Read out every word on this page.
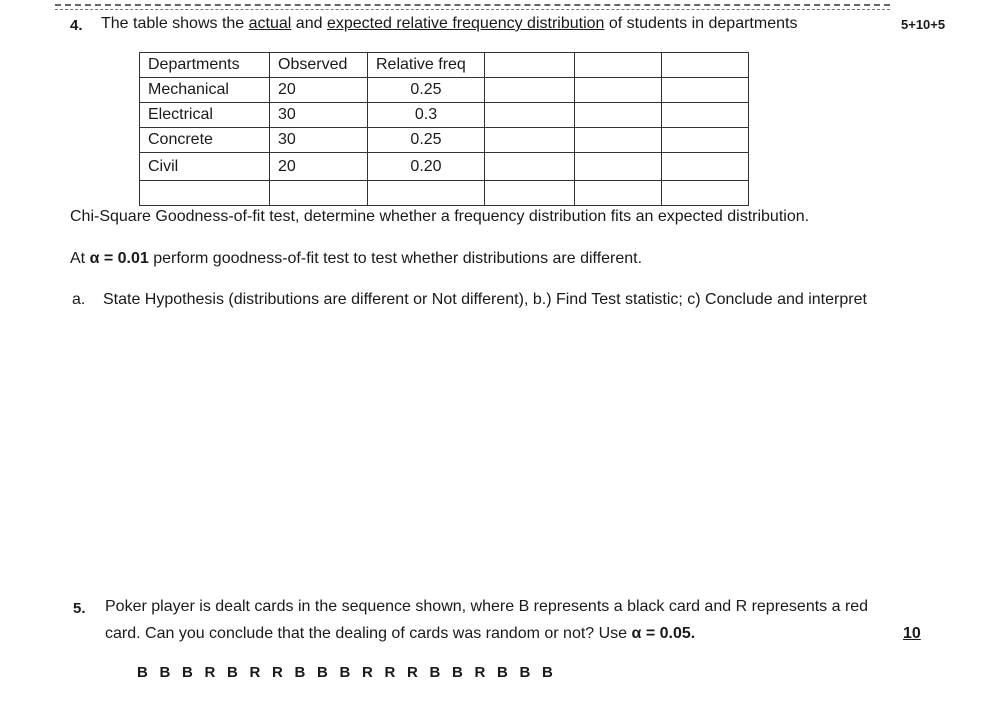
4. The table shows the actual and expected relative frequency distribution of students in departments	5+10+5
Departments	Observed	Relative freq			
Mechanical	20	0.25			
Electrical	30	0.3			
Concrete	30	0.25			
Civil	20	0.20			

Chi-Square Goodness-of-fit test, determine whether a frequency distribution fits an expected distribution.
At α = 0.01 perform goodness-of-fit test to test whether distributions are different.
a. State Hypothesis (distributions are different or Not different), b.) Find Test statistic; c) Conclude and interpret
5. Poker player is dealt cards in the sequence shown, where B represents a black card and R represents a red
card. Can you conclude that the dealing of cards was random or not? Use α = 0.05.	10
B B B R B R R B B B R R R B B R B B B
